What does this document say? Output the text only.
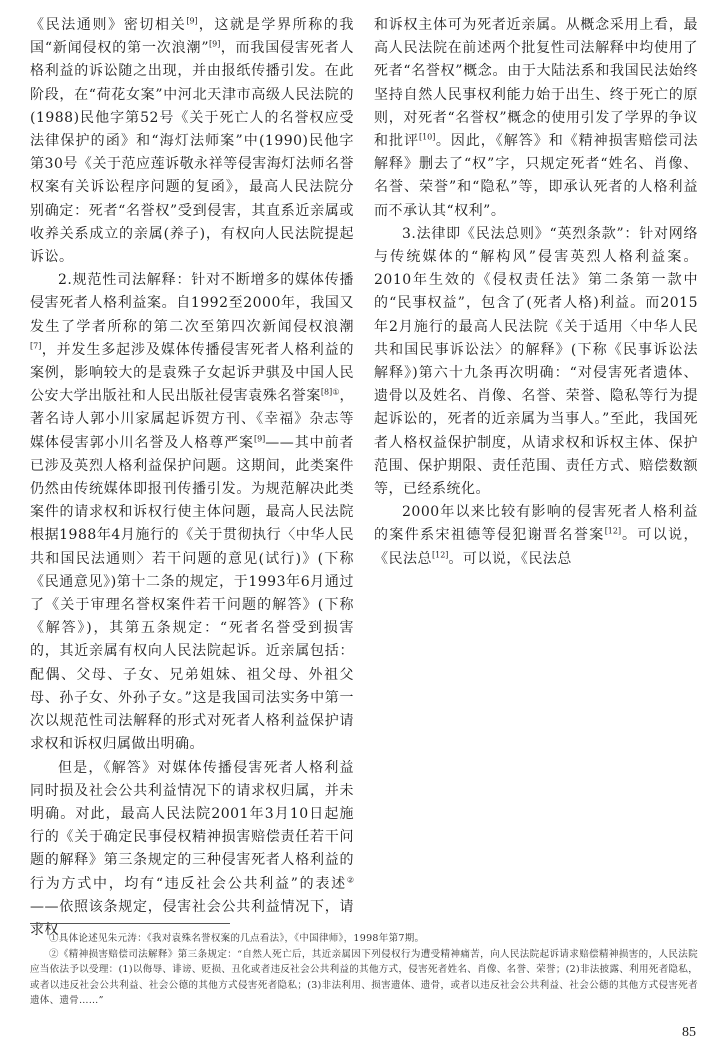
《民法通则》密切相关[9]，这就是学界所称的我国“新闻侵权的第一次浪潮”[9]，而我国侵害死者人格利益的诉讼随之出现，并由报纸传播引发。在此阶段，在“荷花女案”中河北天津市高级人民法院的(1988)民他字第52号《关于死亡人的名誉权应受法律保护的函》和“海灯法师案”中(1990)民他字第30号《关于范应莲诉敬永祥等侵害海灯法师名誉权案有关诉讼程序问题的复函》，最高人民法院分别确定：死者“名誉权”受到侵害，其直系近亲属或收养关系成立的亲属(养子)，有权向人民法院提起诉讼。

2.规范性司法解释：针对不断增多的媒体传播侵害死者人格利益案。自1992至2000年，我国又发生了学者所称的第二次至第四次新闻侵权浪潮[7]，并发生多起涉及媒体传播侵害死者人格利益的案例，影响较大的是袁殊子女起诉尹骐及中国人民公安大学出版社和人民出版社侵害袁殊名誉案$^{[8]①}$，著名诗人郭小川家属起诉贺方刊、《幸福》杂志等媒体侵害郭小川名誉及人格尊严案[9]——其中前者已涉及英烈人格利益保护问题。这期间，此类案件仍然由传统媒体即报刊传播引发。为规范解决此类案件的请求权和诉权行使主体问题，最高人民法院根据1988年4月施行的《关于贯彻执行〈中华人民共和国民法通则〉若干问题的意见(试行)》(下称《民通意见》)第十二条的规定，于1993年6月通过了《关于审理名誉权案件若干问题的解答》(下称《解答》)，其第五条规定：“死者名誉受到损害的，其近亲属有权向人民法院起诉。近亲属包括：配偶、父母、子女、兄弟姐妹、祖父母、外祖父母、孙子女、外孙子女。”这是我国司法实务中第一次以规范性司法解释的形式对死者人格利益保护请求权和诉权归属做出明确。

但是，《解答》对媒体传播侵害死者人格利益同时损及社会公共利益情况下的请求权归属，并未明确。对此，最高人民法院2001年3月10日起施行的《关于确定民事侵权精神损害赔偿责任若干问题的解释》第三条规定的三种侵害死者人格利益的行为方式中，均有“违反社会公共利益”的表述②——依照该条规定，侵害社会公共利益情况下，请求权

和诉权主体可为死者近亲属。从概念采用上看，最高人民法院在前述两个批复性司法解释中均使用了死者“名誉权”概念。由于大陆法系和我国民法始终坚持自然人民事权利能力始于出生、终于死亡的原则，对死者“名誉权”概念的使用引发了学界的争议和批评[10]。因此，《解答》和《精神损害赔偿司法解释》删去了“权”字，只规定死者“姓名、肖像、名誉、荣誉”和“隐私”等，即承认死者的人格利益而不承认其“权利”。

3.法律即《民法总则》“英烈条款”：针对网络与传统媒体的“解构风”侵害英烈人格利益案。2010年生效的《侵权责任法》第二条第一款中的“民事权益”，包含了(死者人格)利益。而2015年2月施行的最高人民法院《关于适用〈中华人民共和国民事诉讼法〉的解释》(下称《民事诉讼法解释》)第六十九条再次明确：“对侵害死者遗体、遗骨以及姓名、肖像、名誉、荣誉、隐私等行为提起诉讼的，死者的近亲属为当事人。”至此，我国死者人格权益保护制度，从请求权和诉权主体、保护范围、保护期限、责任范围、责任方式、赔偿数额等，已经系统化。

2000年以来比较有影响的侵害死者人格利益的案件系宋祖德等侵犯谢晋名誉案[12]。可以说，《民法总[12]。可以说，《民法总

①具体论述见朱元涛：《我对袁殊名誉权案的几点看法》，《中国律师》，1998年第7期。

②《精神损害赔偿司法解释》第三条规定：“自然人死亡后，其近亲属因下列侵权行为遭受精神痛苦，向人民法院起诉请求赔偿精神损害的，人民法院应当依法予以受理：(1)以侮辱、诽谤、贬损、丑化或者违反社会公共利益的其他方式，侵害死者姓名、肖像、名誉、荣誉；(2)非法披露、利用死者隐私，或者以违反社会公共利益、社会公德的其他方式侵害死者隐私；(3)非法利用、损害遗体、遗骨，或者以违反社会公共利益、社会公德的其他方式侵害死者遗体、遗骨……”

85
